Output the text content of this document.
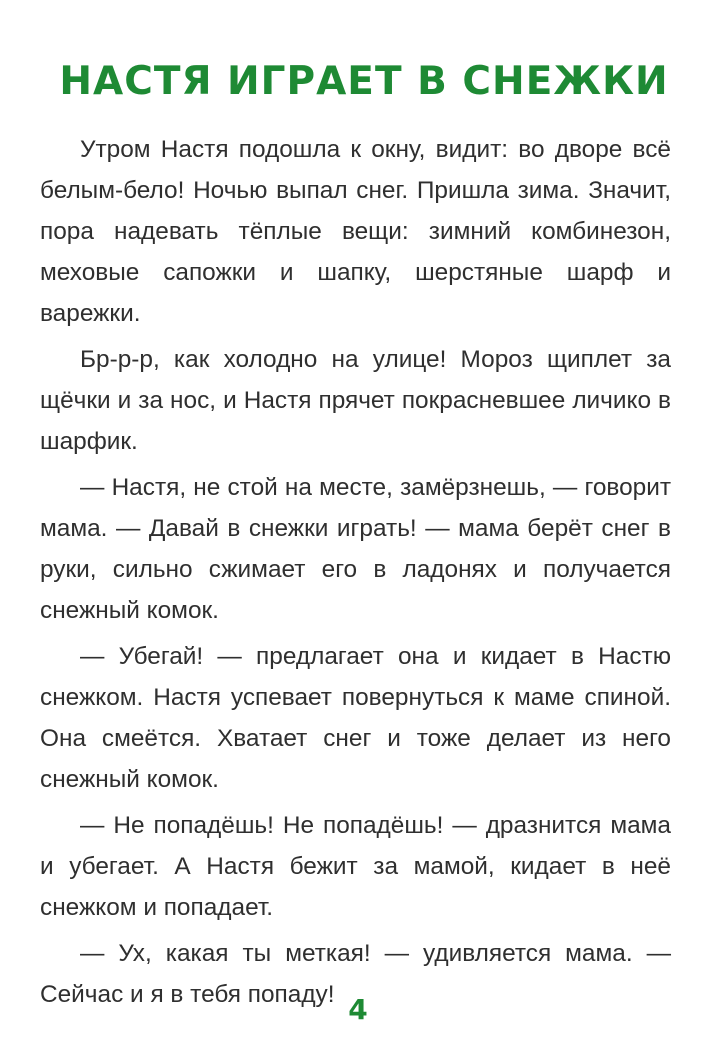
НАСТЯ ИГРАЕТ В СНЕЖКИ

Утром Настя подошла к окну, видит: во дворе всё белым-бело! Ночью выпал снег. Пришла зима. Значит, пора надевать тёплые вещи: зимний комбинезон, меховые сапожки и шапку, шерстяные шарф и варежки.

Бр-р-р, как холодно на улице! Мороз щиплет за щёчки и за нос, и Настя прячет покрасневшее личико в шарфик.

— Настя, не стой на месте, замёрзнешь, — говорит мама. — Давай в снежки играть! — мама берёт снег в руки, сильно сжимает его в ладонях и получается снежный комок.

— Убегай! — предлагает она и кидает в Настю снежком. Настя успевает повернуться к маме спиной. Она смеётся. Хватает снег и тоже делает из него снежный комок.

— Не попадёшь! Не попадёшь! — дразнится мама и убегает. А Настя бежит за мамой, кидает в неё снежком и попадает.

— Ух, какая ты меткая! — удивляется мама. — Сейчас и я в тебя попаду! 4
